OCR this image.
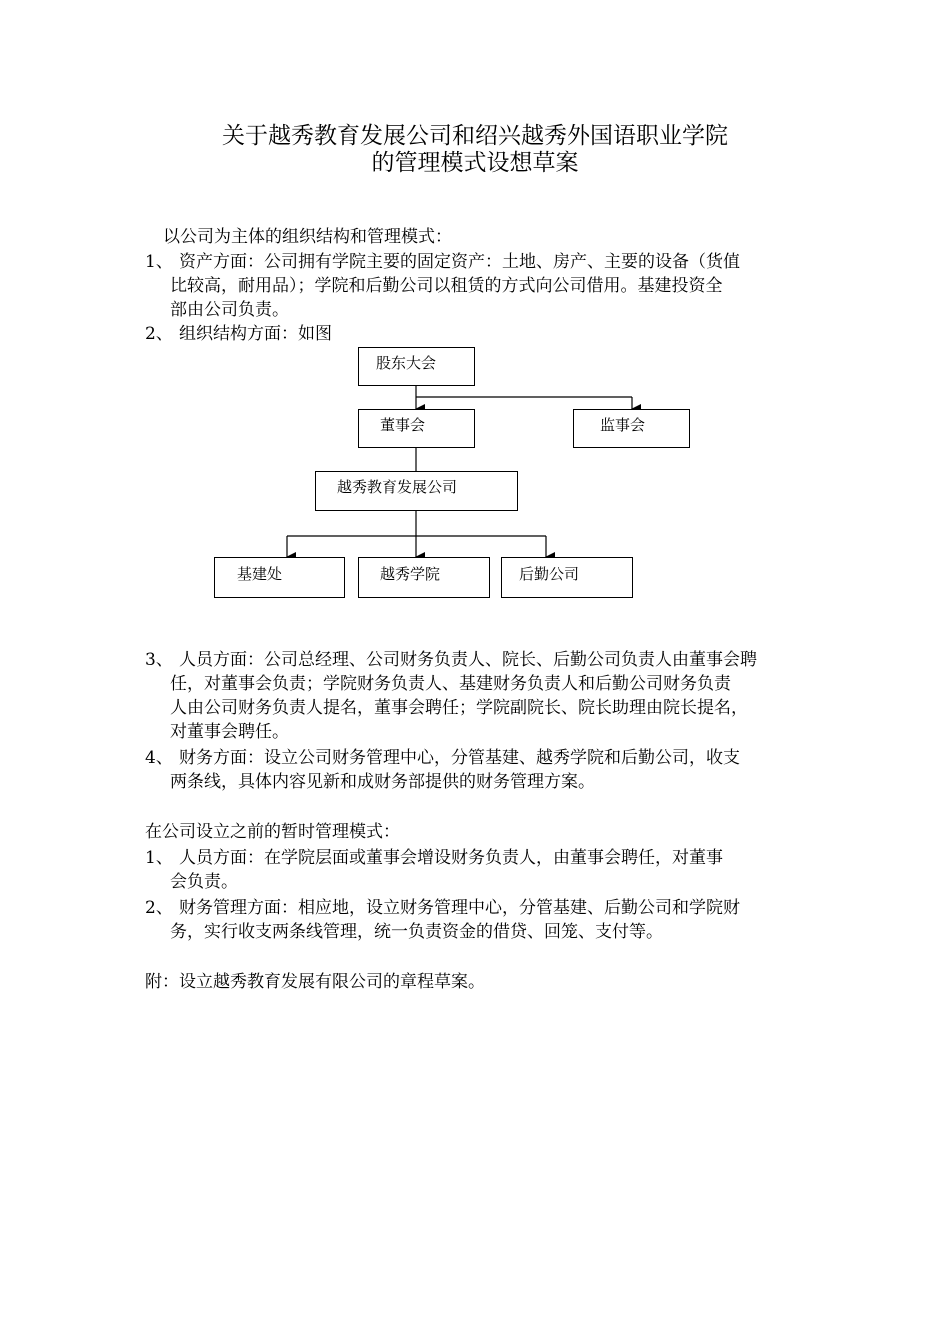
关于越秀教育发展公司和绍兴越秀外国语职业学院
的管理模式设想草案
以公司为主体的组织结构和管理模式：
1、 资产方面：公司拥有学院主要的固定资产：土地、房产、主要的设备（货值
比较高，耐用品）；学院和后勤公司以租赁的方式向公司借用。基建投资全
部由公司负责。
2、 组织结构方面：如图
股东大会
董事会	监事会
越秀教育发展公司
基建处	越秀学院	后勤公司
3、 人员方面：公司总经理、公司财务负责人、院长、后勤公司负责人由董事会聘
任，对董事会负责；学院财务负责人、基建财务负责人和后勤公司财务负责
人由公司财务负责人提名，董事会聘任；学院副院长、院长助理由院长提名，
对董事会聘任。
4、 财务方面：设立公司财务管理中心，分管基建、越秀学院和后勤公司，收支
两条线，具体内容见新和成财务部提供的财务管理方案。
在公司设立之前的暂时管理模式：
1、 人员方面：在学院层面或董事会增设财务负责人，由董事会聘任，对董事
会负责。
2、 财务管理方面：相应地，设立财务管理中心，分管基建、后勤公司和学院财
务，实行收支两条线管理，统一负责资金的借贷、回笼、支付等。
附：设立越秀教育发展有限公司的章程草案。
